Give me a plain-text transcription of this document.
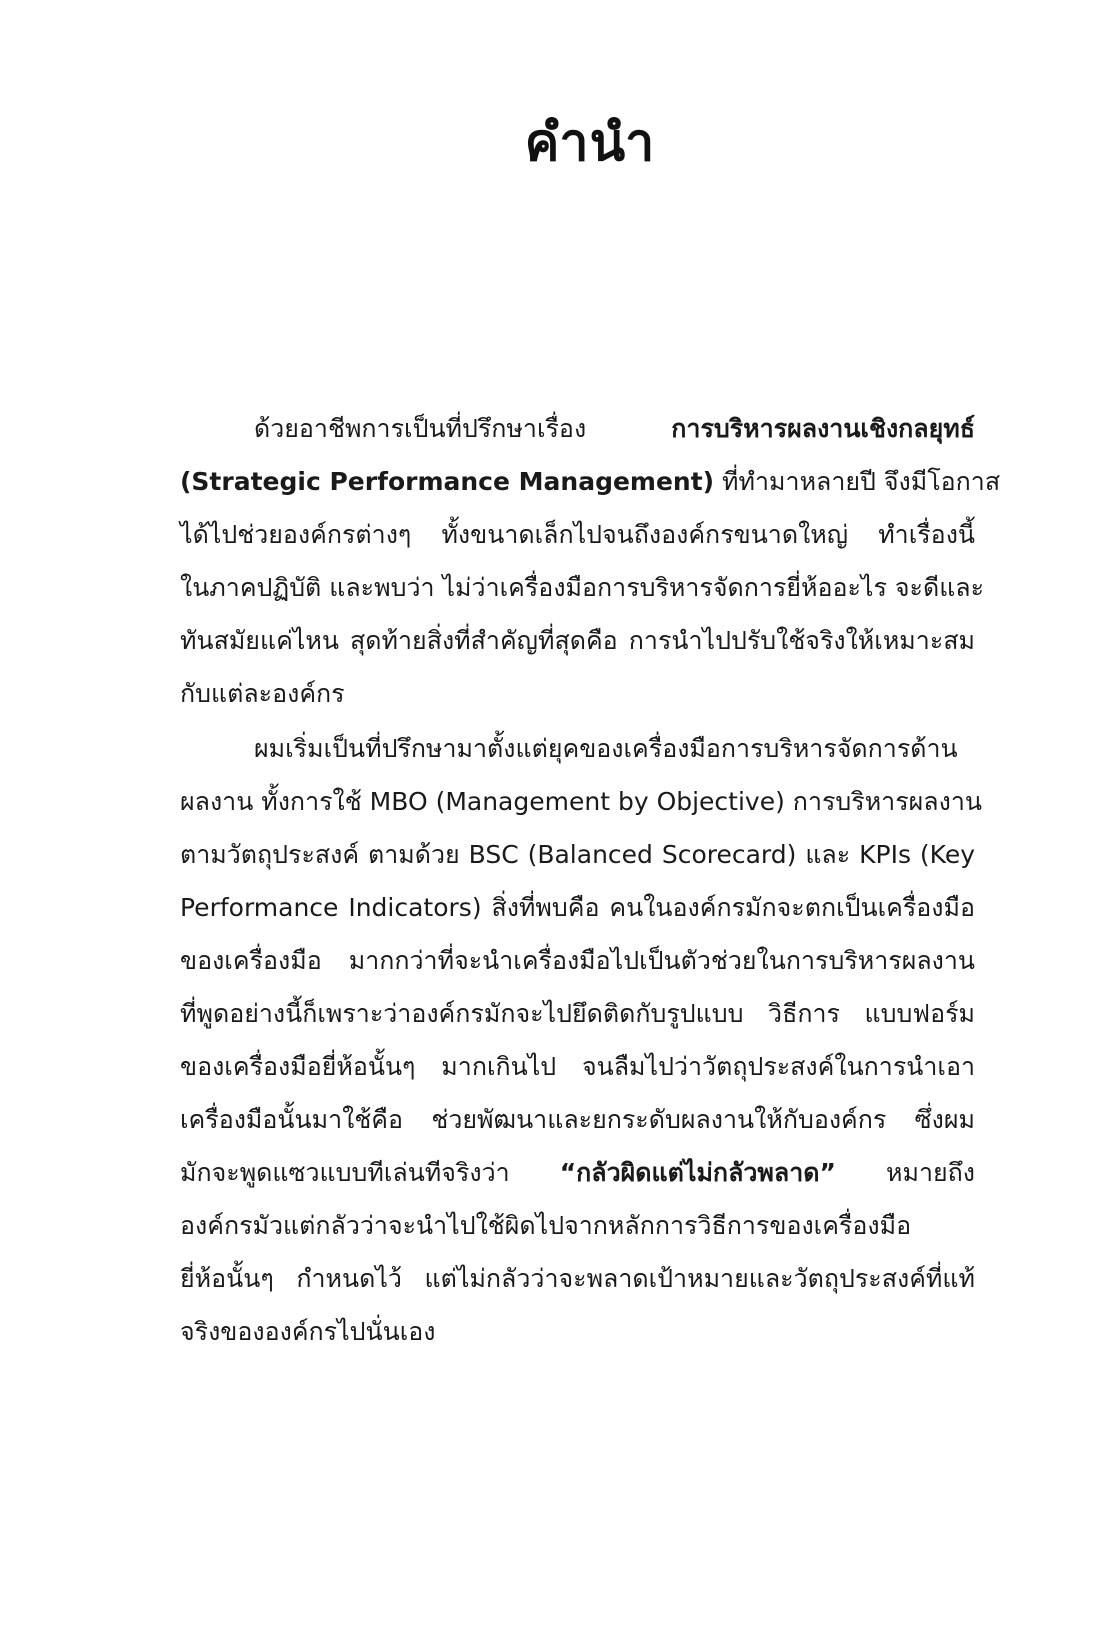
คำนำ
ด้วยอาชีพการเป็นที่ปรึกษาเรื่อง การบริหารผลงานเชิงกลยุทธ์
(Strategic Performance Management) ที่ทำมาหลายปี จึงมีโอกาส
ได้ไปช่วยองค์กรต่างๆ ทั้งขนาดเล็กไปจนถึงองค์กรขนาดใหญ่ ทำเรื่องนี้
ในภาคปฏิบัติ และพบว่า ไม่ว่าเครื่องมือการบริหารจัดการยี่ห้ออะไร จะดีและ
ทันสมัยแค่ไหน สุดท้ายสิ่งที่สำคัญที่สุดคือ การนำไปปรับใช้จริงให้เหมาะสม
กับแต่ละองค์กร
ผมเริ่มเป็นที่ปรึกษามาตั้งแต่ยุคของเครื่องมือการบริหารจัดการด้าน
ผลงาน ทั้งการใช้ MBO (Management by Objective) การบริหารผลงาน
ตามวัตถุประสงค์ ตามด้วย BSC (Balanced Scorecard) และ KPIs (Key
Performance Indicators) สิ่งที่พบคือ คนในองค์กรมักจะตกเป็นเครื่องมือ
ของเครื่องมือ มากกว่าที่จะนำเครื่องมือไปเป็นตัวช่วยในการบริหารผลงาน
ที่พูดอย่างนี้ก็เพราะว่าองค์กรมักจะไปยึดติดกับรูปแบบ วิธีการ แบบฟอร์ม
ของเครื่องมือยี่ห้อนั้นๆ มากเกินไป จนลืมไปว่าวัตถุประสงค์ในการนำเอา
เครื่องมือนั้นมาใช้คือ ช่วยพัฒนาและยกระดับผลงานให้กับองค์กร ซึ่งผม
มักจะพูดแซวแบบทีเล่นทีจริงว่า “กลัวผิดแต่ไม่กลัวพลาด” หมายถึง
องค์กรมัวแต่กลัวว่าจะนำไปใช้ผิดไปจากหลักการวิธีการของเครื่องมือ
ยี่ห้อนั้นๆ กำหนดไว้ แต่ไม่กลัวว่าจะพลาดเป้าหมายและวัตถุประสงค์ที่แท้
จริงขององค์กรไปนั่นเอง
